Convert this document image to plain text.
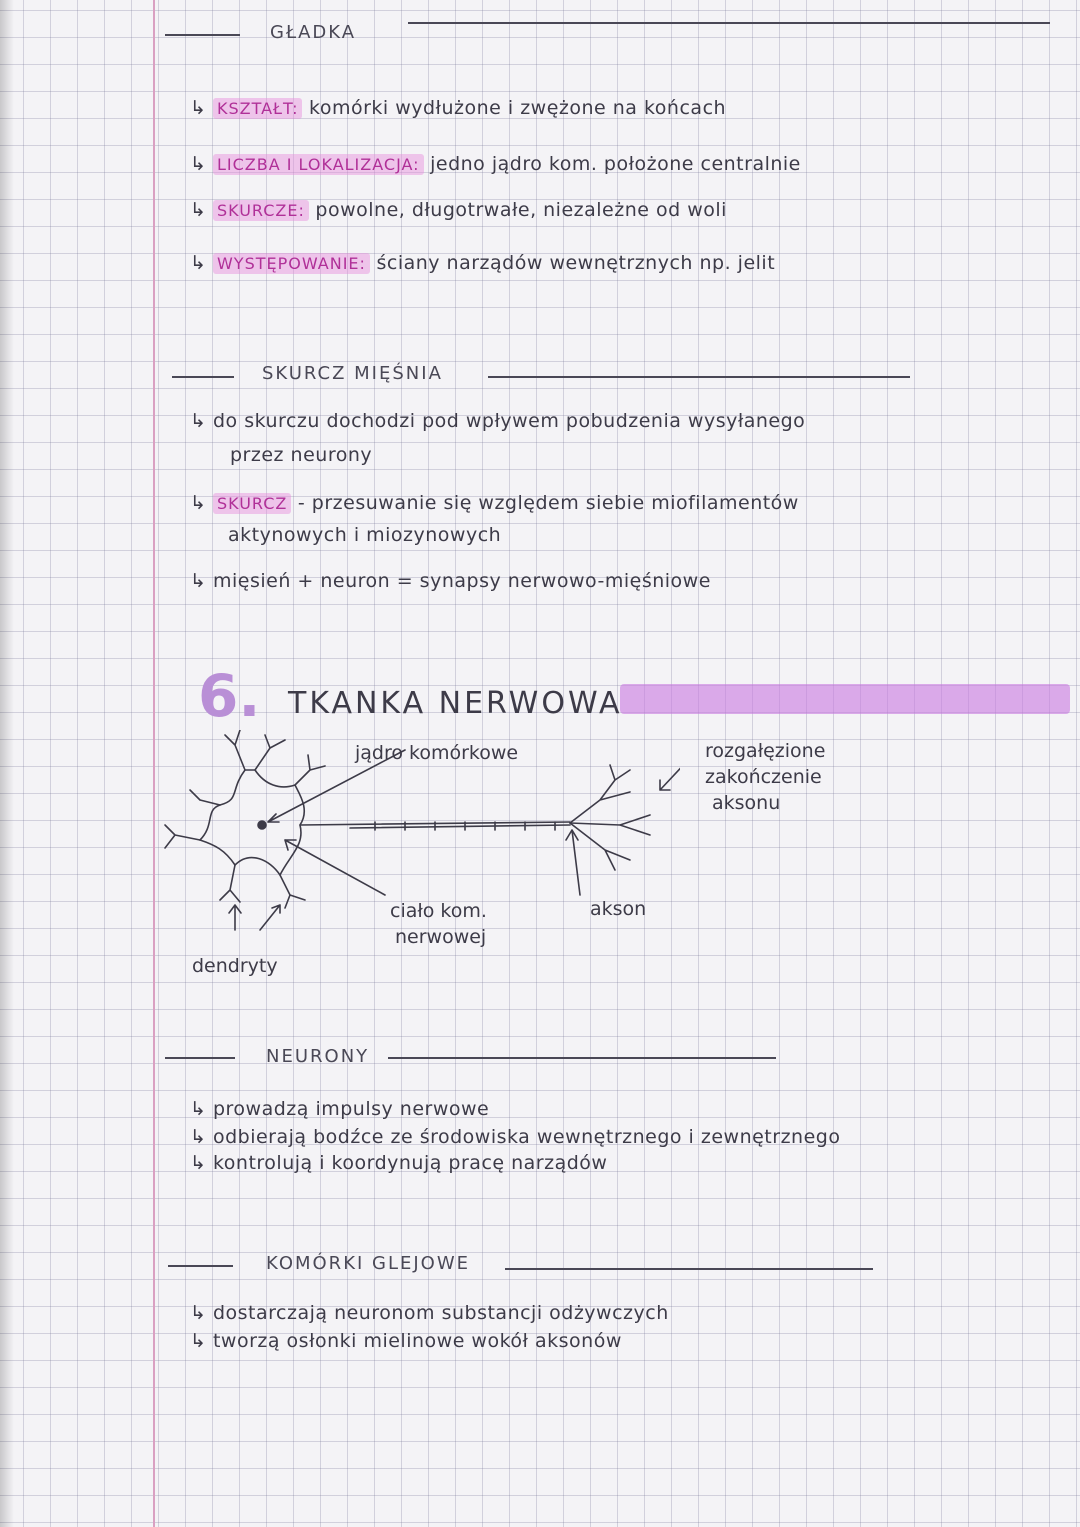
GŁADKA
↳ KSZTAŁT: komórki wydłużone i zwężone na końcach
↳ LICZBA I LOKALIZACJA: jedno jądro kom. położone centralnie
↳ SKURCZE: powolne, długotrwałe, niezależne od woli
↳ WYSTĘPOWANIE: ściany narządów wewnętrznych np. jelit
SKURCZ MIĘŚNIA
↳ do skurczu dochodzi pod wpływem pobudzenia wysyłanego
przez neurony
↳ SKURCZ - przesuwanie się względem siebie miofilamentów
aktynowych i miozynowych
↳ mięsień + neuron = synapsy nerwowo-mięśniowe
6. TKANKA NERWOWA
jądro komórkowe	rozgałęzione
zakończenie
aksonu
ciało kom.
nerwowej
akson
dendryty
NEURONY
↳ prowadzą impulsy nerwowe
↳ odbierają bodźce ze środowiska wewnętrznego i zewnętrznego
↳ kontrolują i koordynują pracę narządów
KOMÓRKI GLEJOWE
↳ dostarczają neuronom substancji odżywczych
↳ tworzą osłonki mielinowe wokół aksonów
